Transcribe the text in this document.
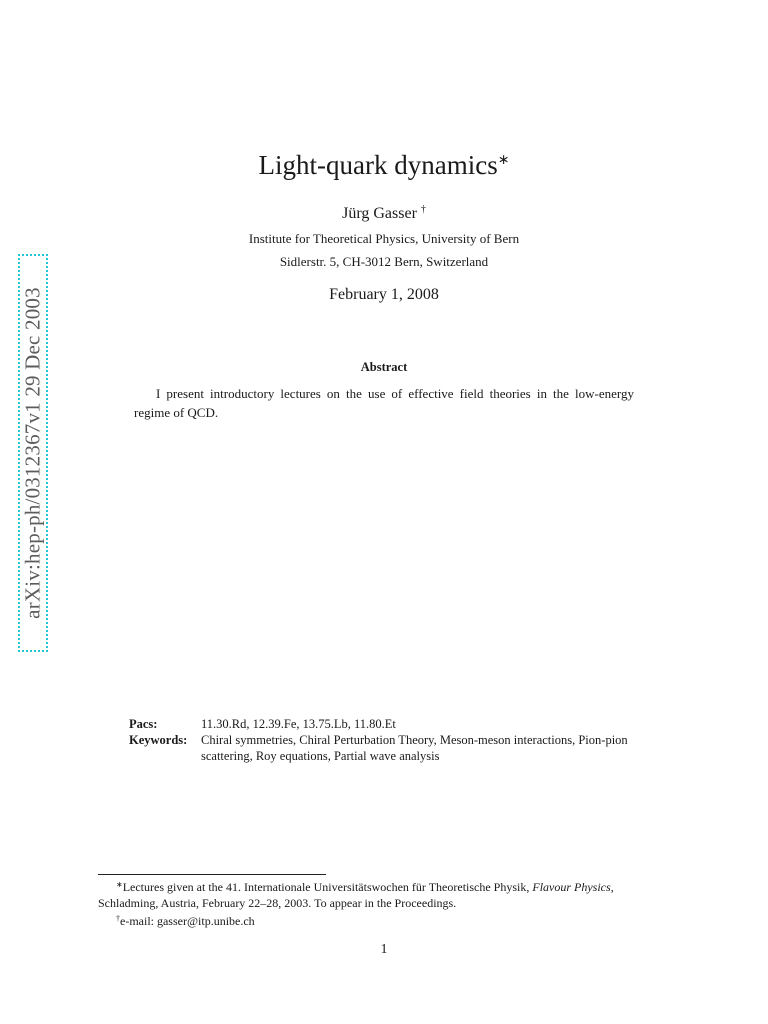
arXiv:hep-ph/0312367v1 29 Dec 2003
Light-quark dynamics∗
Jürg Gasser †
Institute for Theoretical Physics, University of Bern
Sidlerstr. 5, CH-3012 Bern, Switzerland
February 1, 2008
Abstract
I present introductory lectures on the use of effective field theories in the low-energy regime of QCD.
Pacs:	11.30.Rd, 12.39.Fe, 13.75.Lb, 11.80.Et
Keywords:	Chiral symmetries, Chiral Perturbation Theory, Meson-meson interactions, Pion-pion scattering, Roy equations, Partial wave analysis
∗Lectures given at the 41. Internationale Universitätswochen für Theoretische Physik, Flavour Physics,
Schladming, Austria, February 22–28, 2003. To appear in the Proceedings.
†e-mail: gasser@itp.unibe.ch
1
